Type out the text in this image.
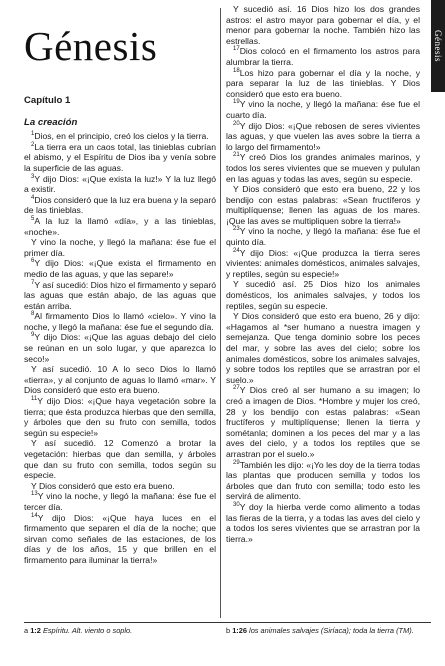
Génesis	Génesis

Capítulo 1

La creación

$^1$Dios, en el principio, creó los cielos y la tierra.

$^2$La tierra era un caos total, las tinieblas cubrían el abismo, y el Espíritu de Dios iba y venía sobre la superficie de las aguas.

$^3$Y dijo Dios: «¡Que exista la luz!» Y la luz llegó a existir.

$^4$Dios consideró que la luz era buena y la separó de las tinieblas.

$^5$A la luz la llamó «día», y a las tinieblas, «noche».

Y vino la noche, y llegó la mañana: ése fue el primer día.

$^6$Y dijo Dios: «¡Que exista el firmamento en medio de las aguas, y que las separe!»

$^7$Y así sucedió: Dios hizo el firmamento y separó las aguas que están abajo, de las aguas que están arriba.

$^8$Al firmamento Dios lo llamó «cielo». Y vino la noche, y llegó la mañana: ése fue el segundo día.

$^9$Y dijo Dios: «¡Que las aguas debajo del cielo se reúnan en un solo lugar, y que aparezca lo seco!»

Y así sucedió. 10 A lo seco Dios lo llamó «tierra», y al conjunto de aguas lo llamó «mar». Y Dios consideró que esto era bueno.

$^{11}$Y dijo Dios: «¡Que haya vegetación sobre la tierra; que ésta produzca hierbas que den semilla, y árboles que den su fruto con semilla, todos según su especie!»

Y así sucedió. 12 Comenzó a brotar la vegetación: hierbas que dan semilla, y árboles que dan su fruto con semilla, todos según su especie.

Y Dios consideró que esto era bueno.

$^{13}$Y vino la noche, y llegó la mañana: ése fue el tercer día.

$^{14}$Y dijo Dios: «¡Que haya luces en el firmamento que separen el día de la noche; que sirvan como señales de las estaciones, de los días y de los años, 15 y que brillen en el firmamento para iluminar la tierra!»

Y sucedió así. 16 Dios hizo los dos grandes astros: el astro mayor para gobernar el día, y el menor para gobernar la noche. También hizo las estrellas.

$^{17}$Dios colocó en el firmamento los astros para alumbrar la tierra.

$^{18}$Los hizo para gobernar el día y la noche, y para separar la luz de las tinieblas. Y Dios consideró que esto era bueno.

$^{19}$Y vino la noche, y llegó la mañana: ése fue el cuarto día.

$^{20}$Y dijo Dios: «¡Que rebosen de seres vivientes las aguas, y que vuelen las aves sobre la tierra a lo largo del firmamento!»

$^{21}$Y creó Dios los grandes animales marinos, y todos los seres vivientes que se mueven y pululan en las aguas y todas las aves, según su especie.

Y Dios consideró que esto era bueno, 22 y los bendijo con estas palabras: «Sean fructíferos y multiplíquense; llenen las aguas de los mares. ¡Que las aves se multipliquen sobre la tierra!»

$^{23}$Y vino la noche, y llegó la mañana: ése fue el quinto día.

$^{24}$Y dijo Dios: «¡Que produzca la tierra seres vivientes: animales domésticos, animales salvajes, y reptiles, según su especie!»

Y sucedió así. 25 Dios hizo los animales domésticos, los animales salvajes, y todos los reptiles, según su especie.

Y Dios consideró que esto era bueno, 26 y dijo: «Hagamos al *ser humano a nuestra imagen y semejanza. Que tenga dominio sobre los peces del mar, y sobre las aves del cielo; sobre los animales domésticos, sobre los animales salvajes, y sobre todos los reptiles que se arrastran por el suelo.»

$^{27}$Y Dios creó al ser humano a su imagen; lo creó a imagen de Dios. *Hombre y mujer los creó, 28 y los bendijo con estas palabras: «Sean fructíferos y multiplíquense; llenen la tierra y sométanla; dominen a los peces del mar y a las aves del cielo, y a todos los reptiles que se arrastran por el suelo.»

$^{29}$También les dijo: «¡Yo les doy de la tierra todas las plantas que producen semilla y todos los árboles que dan fruto con semilla; todo esto les servirá de alimento.

$^{30}$Y doy la hierba verde como alimento a todas las fieras de la tierra, y a todas las aves del cielo y a todos los seres vivientes que se arrastran por la tierra.»

a 1:2 Espíritu. Alt. viento o soplo.	b 1:26 los animales salvajes (Siríaca); toda la tierra (TM).
